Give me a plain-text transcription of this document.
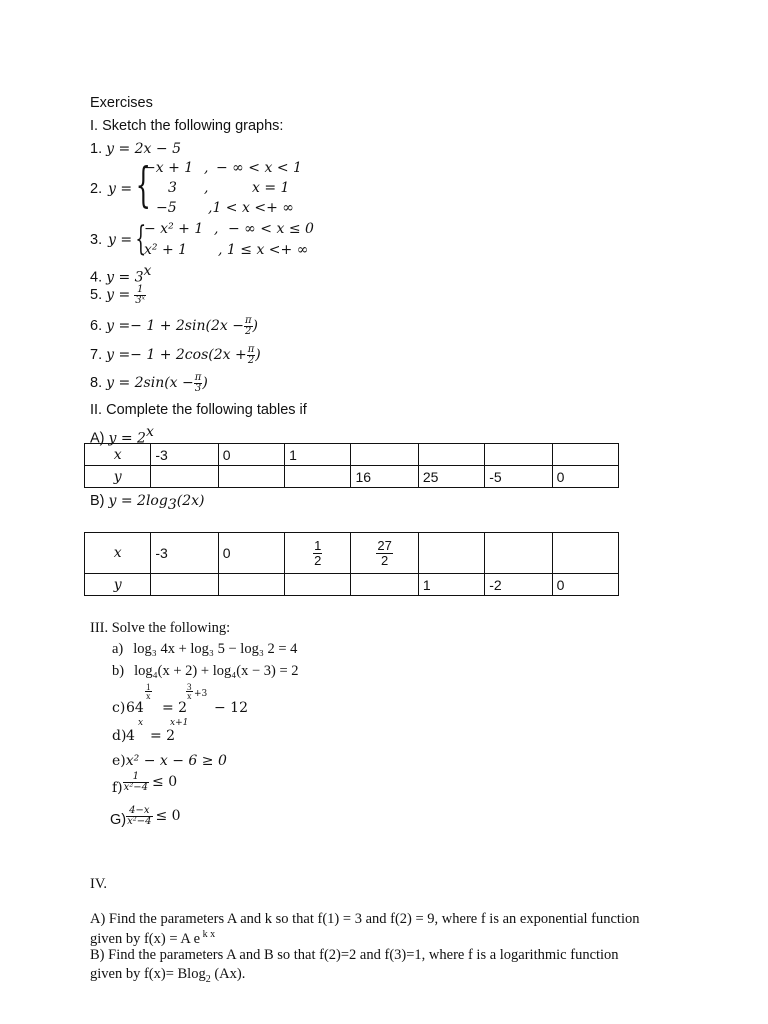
Exercises
I. Sketch the following graphs:
1. y = 2x − 5
2. y = {
−x + 1 , − ∞ < x < 1
3 ,	x = 1
−5 ,1 < x <+ ∞
3. y = {
− x² + 1 , − ∞ < x ≤ 0
x² + 1 , 1 ≤ x <+ ∞
4. $y = 3^x$
5. $y = \frac{1}{\text{3ˣ}}$
6. $y =- 1 + 2\sin(2x - \frac{\pi}{2}$ )
7. $y =- 1 + 2\cos(2x + \frac{\pi}{2}$ )
8. $y = 2\sin(x - \frac{\pi}{3}$ )
II. Complete the following tables if
A) $y = 2^x$
x	-3	0	1				
y				16	25	-5	0
B) $y = 2\log_3(2x)$
x	-3	0	$\frac{1}{2}$	$\frac{27}{2}$

y					1	-2	0
III. Solve the following:
a) log₃ 4x + log₃ 5 − log₃ 2 = 4
b) log₄(x + 2) + log₄(x − 3) = 2
c) 64
$\frac{1}{x}$
= 2
$\frac{3}{x} +3$
− 12
d) 4
x
= 2
x+1
e)x² − x − 6 ≥ 0
$f) \frac{1}{\text{x²−4}} \le 0$
$G) \frac{4-x}{\text{x²−4}} \le 0$
IV.
A) Find the parameters A and k so that f(1) = 3 and f(2) = 9, where f is an exponential function
given by f(x) = A e $^{k x}$
B) Find the parameters A and B so that f(2)=2 and f(3)=1, where f is a logarithmic function
given by f(x)= Blog$_2$ (Ax).
